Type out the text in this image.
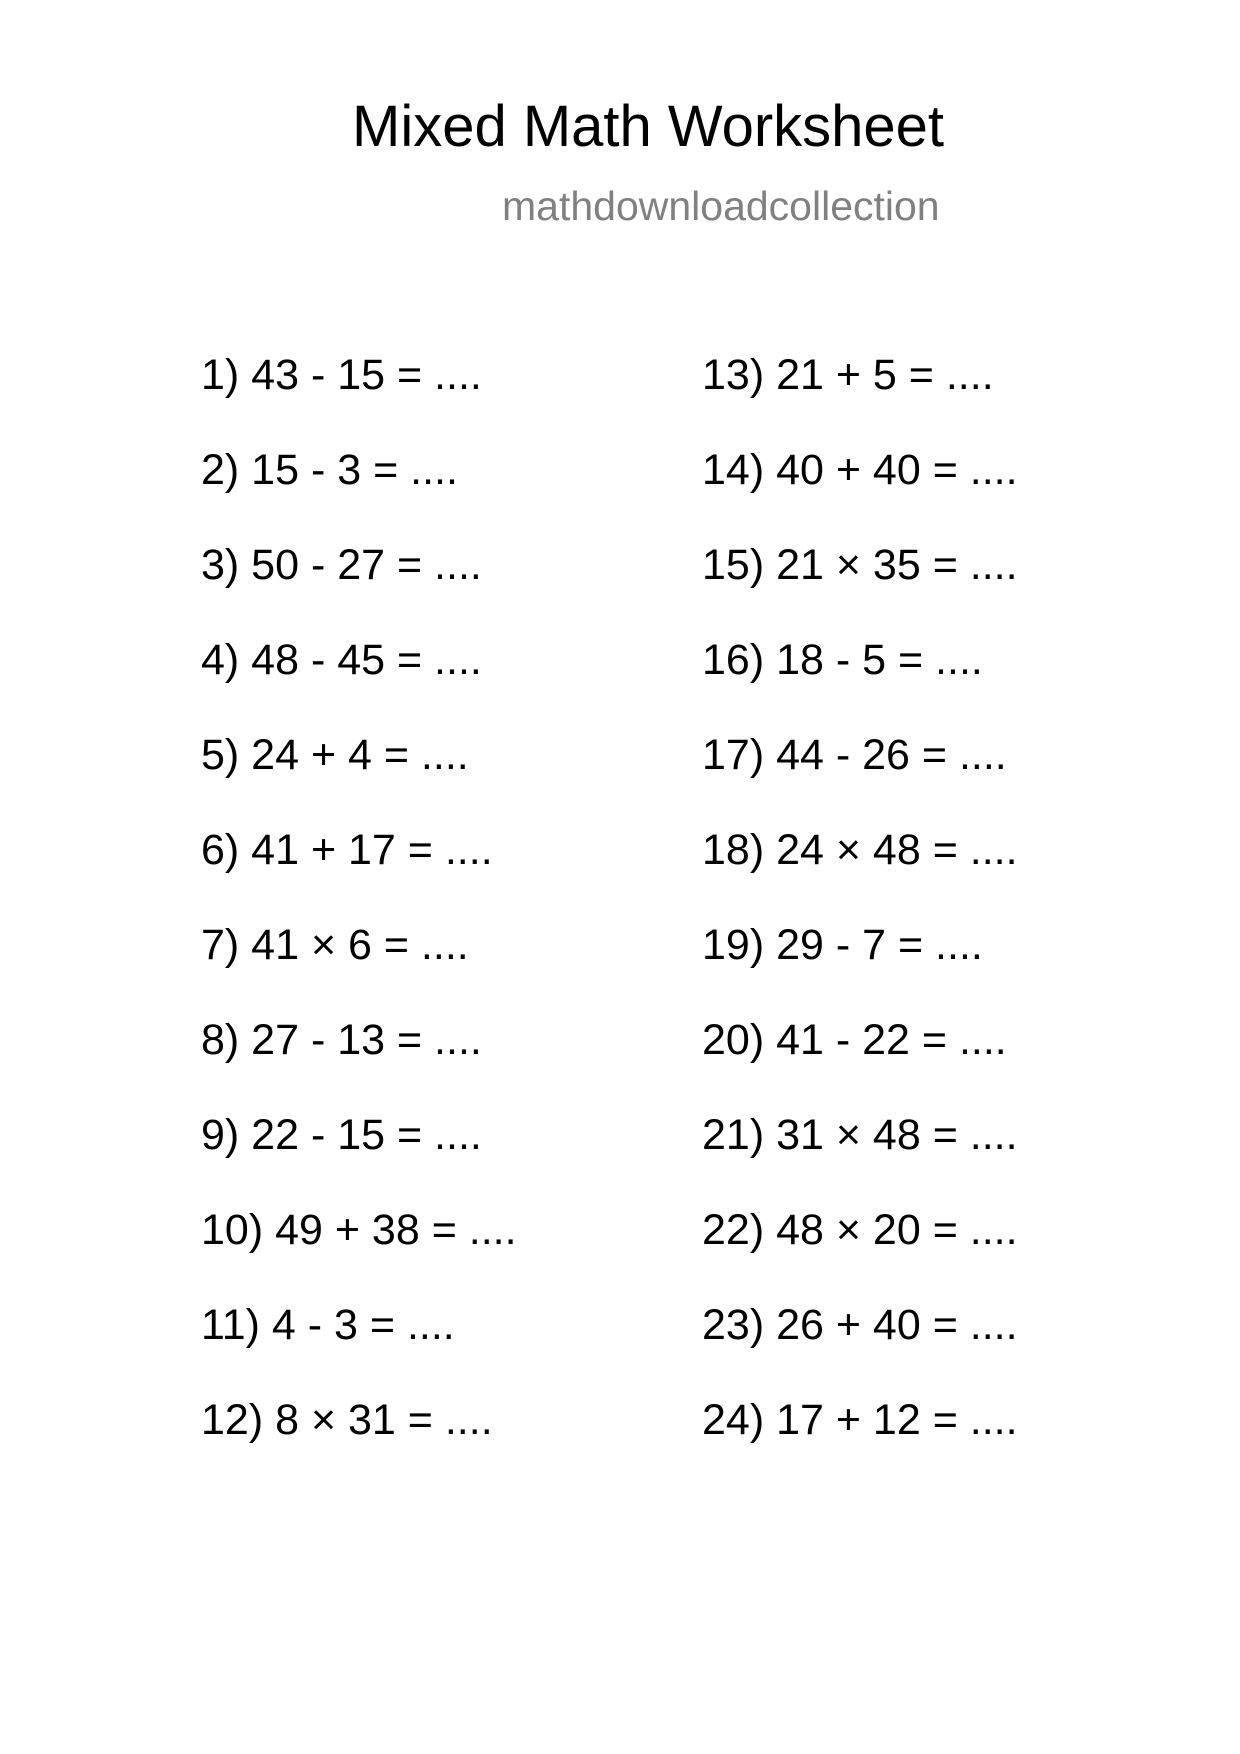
Mixed Math Worksheet
mathdownloadcollection
1) 43 - 15 = ....
2) 15 - 3 = ....
3) 50 - 27 = ....
4) 48 - 45 = ....
5) 24 + 4 = ....
6) 41 + 17 = ....
7) 41 × 6 = ....
8) 27 - 13 = ....
9) 22 - 15 = ....
10) 49 + 38 = ....
11) 4 - 3 = ....
12) 8 × 31 = ....
13) 21 + 5 = ....
14) 40 + 40 = ....
15) 21 × 35 = ....
16) 18 - 5 = ....
17) 44 - 26 = ....
18) 24 × 48 = ....
19) 29 - 7 = ....
20) 41 - 22 = ....
21) 31 × 48 = ....
22) 48 × 20 = ....
23) 26 + 40 = ....
24) 17 + 12 = ....
